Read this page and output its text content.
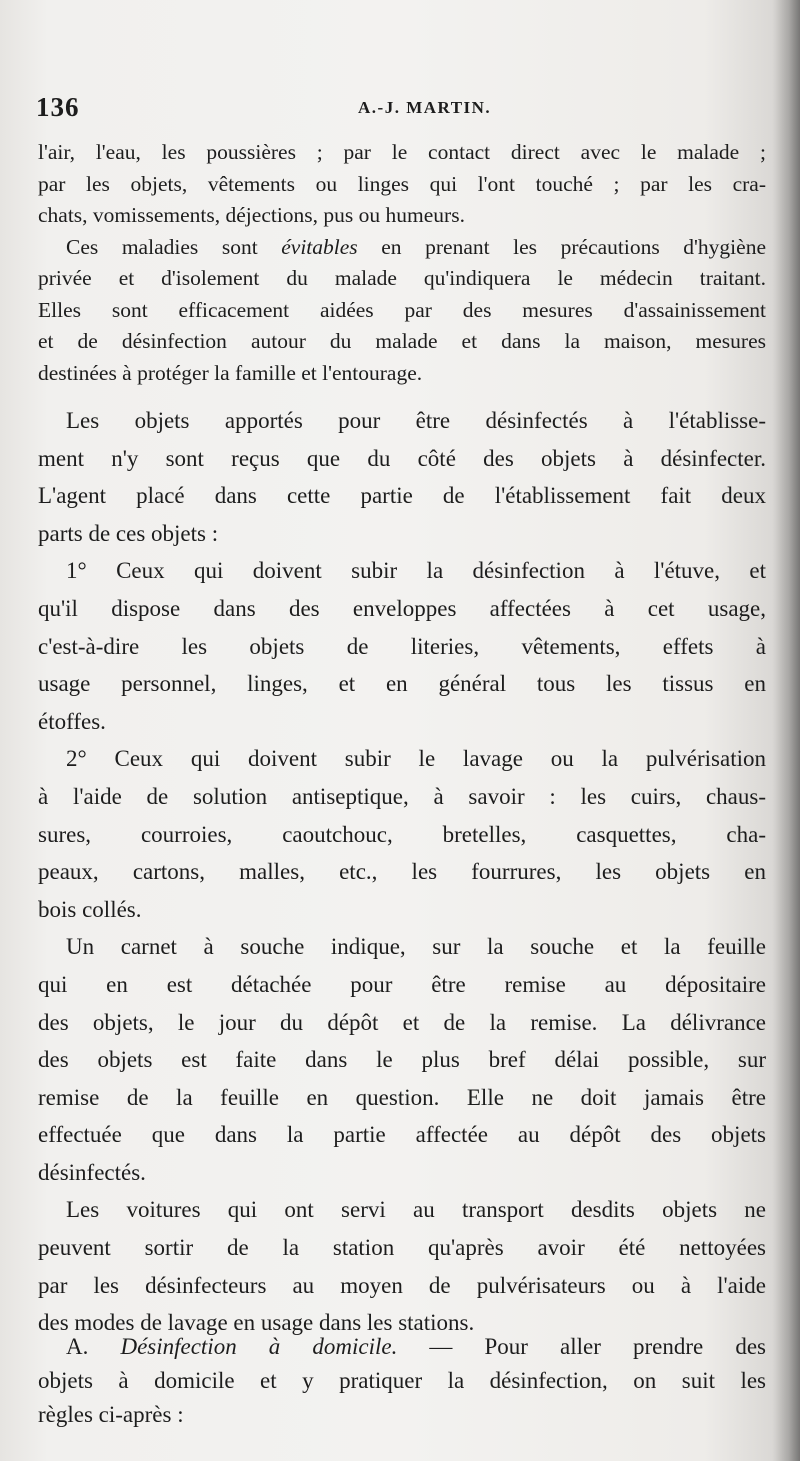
136	A.-J. MARTIN.
l'air, l'eau, les poussières ; par le contact direct avec le malade ;
par les objets, vêtements ou linges qui l'ont touché ; par les cra-
chats, vomissements, déjections, pus ou humeurs.
Ces maladies sont évitables en prenant les précautions d'hygiène
privée et d'isolement du malade qu'indiquera le médecin traitant.
Elles sont efficacement aidées par des mesures d'assainissement
et de désinfection autour du malade et dans la maison, mesures
destinées à protéger la famille et l'entourage.
Les objets apportés pour être désinfectés à l'établisse-
ment n'y sont reçus que du côté des objets à désinfecter.
L'agent placé dans cette partie de l'établissement fait deux
parts de ces objets :
1° Ceux qui doivent subir la désinfection à l'étuve, et
qu'il dispose dans des enveloppes affectées à cet usage,
c'est-à-dire les objets de literies, vêtements, effets à
usage personnel, linges, et en général tous les tissus en
étoffes.
2° Ceux qui doivent subir le lavage ou la pulvérisation
à l'aide de solution antiseptique, à savoir : les cuirs, chaus-
sures, courroies, caoutchouc, bretelles, casquettes, cha-
peaux, cartons, malles, etc., les fourrures, les objets en
bois collés.
Un carnet à souche indique, sur la souche et la feuille
qui en est détachée pour être remise au dépositaire
des objets, le jour du dépôt et de la remise. La délivrance
des objets est faite dans le plus bref délai possible, sur
remise de la feuille en question. Elle ne doit jamais être
effectuée que dans la partie affectée au dépôt des objets
désinfectés.
Les voitures qui ont servi au transport desdits objets ne
peuvent sortir de la station qu'après avoir été nettoyées
par les désinfecteurs au moyen de pulvérisateurs ou à l'aide
des modes de lavage en usage dans les stations.
A. Désinfection à domicile. — Pour aller prendre des
objets à domicile et y pratiquer la désinfection, on suit les
règles ci-après :
